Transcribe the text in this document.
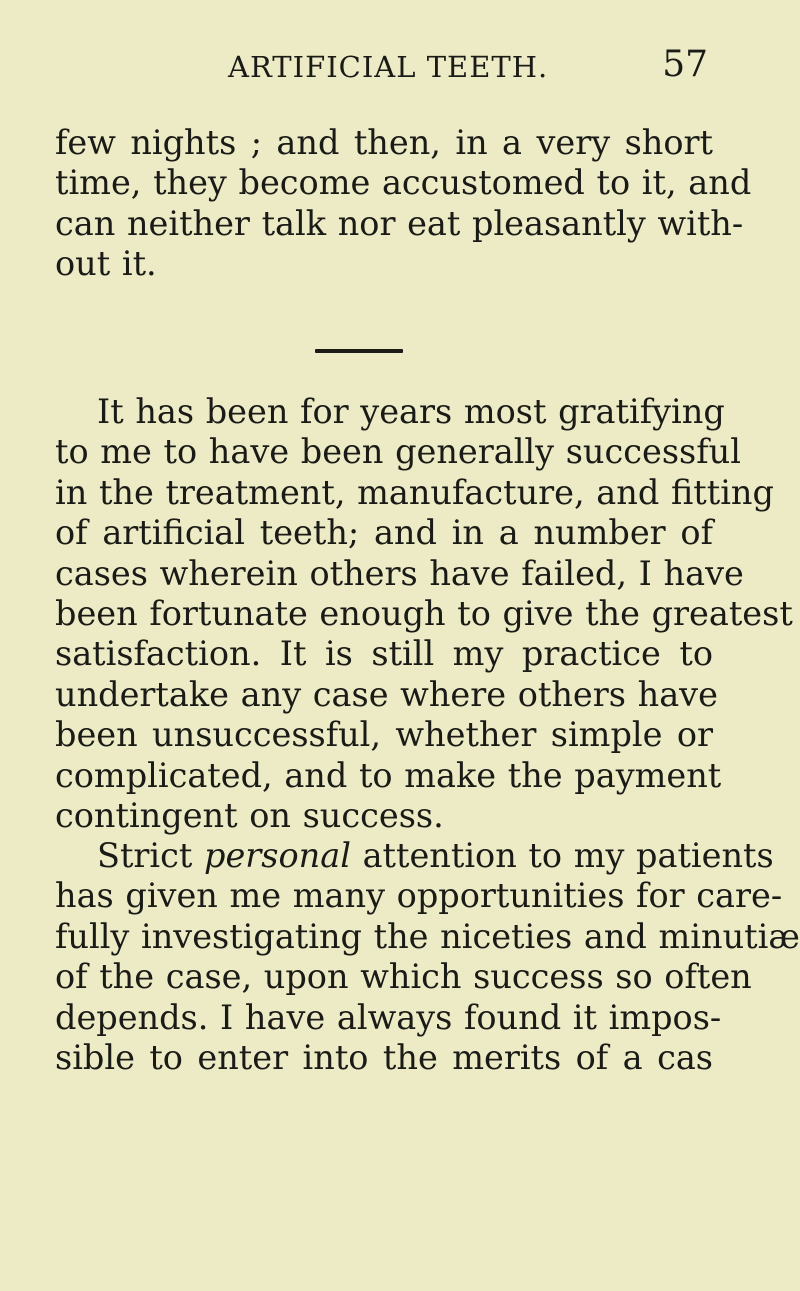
ARTIFICIAL TEETH.	57
few nights ; and then, in a very short
time, they become accustomed to it, and
can neither talk nor eat pleasantly with-
out it.
It has been for years most gratifying
to me to have been generally successful
in the treatment, manufacture, and fitting
of artificial teeth; and in a number of
cases wherein others have failed, I have
been fortunate enough to give the greatest
satisfaction. It is still my practice to
undertake any case where others have
been unsuccessful, whether simple or
complicated, and to make the payment
contingent on success.
Strict personal attention to my patients
has given me many opportunities for care-
fully investigating the niceties and minutiæ
of the case, upon which success so often
depends. I have always found it impos-
sible to enter into the merits of a cas
